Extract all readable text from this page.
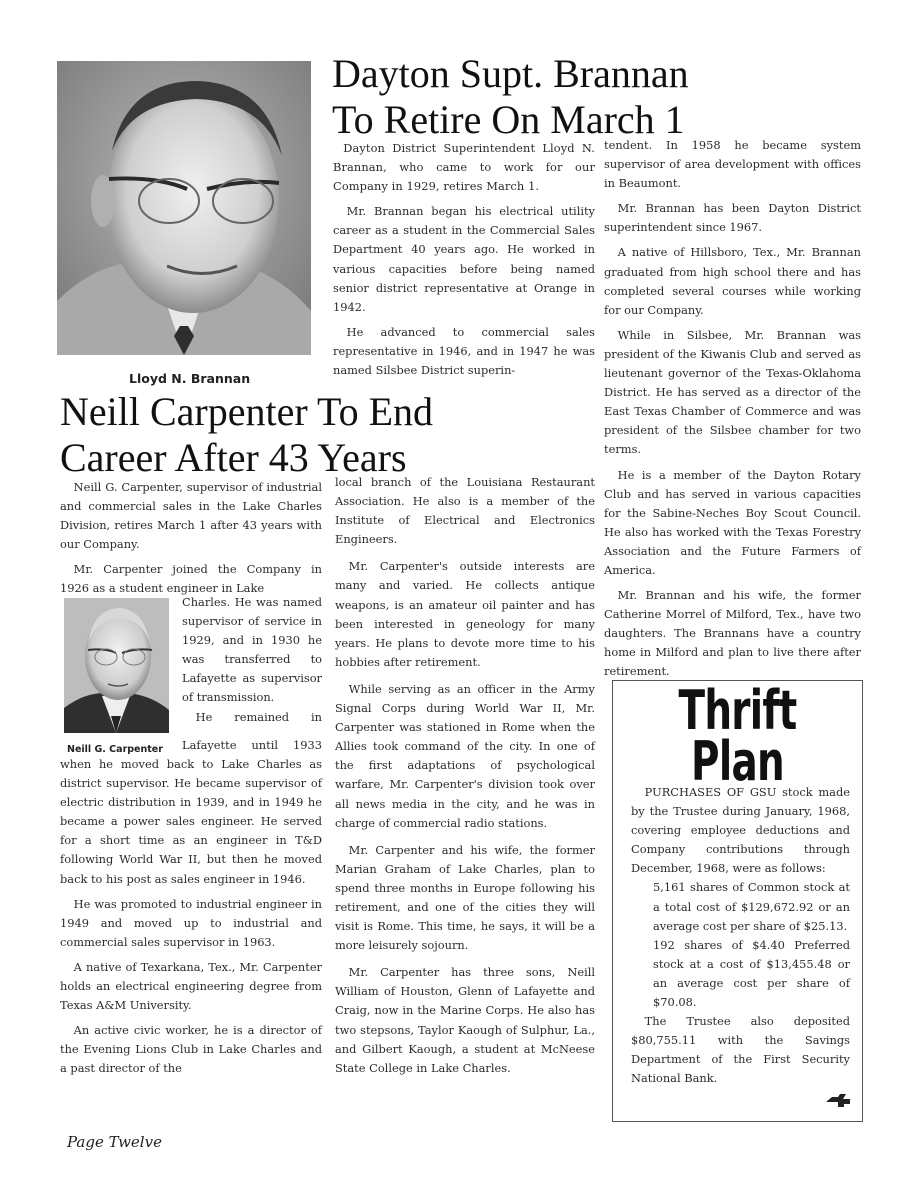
Lloyd N. Brannan
Dayton Supt. Brannan
To Retire On March 1

Dayton District Superintendent Lloyd N. Brannan, who came to work for our Company in 1929, retires March 1.

Mr. Brannan began his electrical utility career as a student in the Commercial Sales Department 40 years ago. He worked in various capacities before being named senior district representative at Orange in 1942.

He advanced to commercial sales representative in 1946, and in 1947 he was named Silsbee District superin-

tendent. In 1958 he became system supervisor of area development with offices in Beaumont.

Mr. Brannan has been Dayton District superintendent since 1967.

A native of Hillsboro, Tex., Mr. Brannan graduated from high school there and has completed several courses while working for our Company.

While in Silsbee, Mr. Brannan was president of the Kiwanis Club and served as lieutenant governor of the Texas-Oklahoma District. He has served as a director of the East Texas Chamber of Commerce and was president of the Silsbee chamber for two terms.

He is a member of the Dayton Rotary Club and has served in various capacities for the Sabine-Neches Boy Scout Council. He also has worked with the Texas Forestry Association and the Future Farmers of America.

Mr. Brannan and his wife, the former Catherine Morrel of Milford, Tex., have two daughters. The Brannans have a country home in Milford and plan to live there after retirement.

Neill Carpenter To End
Career After 43 Years

Neill G. Carpenter, supervisor of industrial and commercial sales in the Lake Charles Division, retires March 1 after 43 years with our Company.

Mr. Carpenter joined the Company in 1926 as a student engineer in Lake

Charles. He was named supervisor of service in 1929, and in 1930 he was transferred to Lafayette as supervisor of transmission.

He remained in

Neill G. Carpenter Lafayette until 1933

when he moved back to Lake Charles as district supervisor. He became supervisor of electric distribution in 1939, and in 1949 he became a power sales engineer. He served for a short time as an engineer in T&D following World War II, but then he moved back to his post as sales engineer in 1946.

He was promoted to industrial engineer in 1949 and moved up to industrial and commercial sales supervisor in 1963.

A native of Texarkana, Tex., Mr. Carpenter holds an electrical engineering degree from Texas A&M University.

An active civic worker, he is a director of the Evening Lions Club in Lake Charles and a past director of the

local branch of the Louisiana Restaurant Association. He also is a member of the Institute of Electrical and Electronics Engineers.

Mr. Carpenter's outside interests are many and varied. He collects antique weapons, is an amateur oil painter and has been interested in geneology for many years. He plans to devote more time to his hobbies after retirement.

While serving as an officer in the Army Signal Corps during World War II, Mr. Carpenter was stationed in Rome when the Allies took command of the city. In one of the first adaptations of psychological warfare, Mr. Carpenter's division took over all news media in the city, and he was in charge of commercial radio stations.

Mr. Carpenter and his wife, the former Marian Graham of Lake Charles, plan to spend three months in Europe following his retirement, and one of the cities they will visit is Rome. This time, he says, it will be a more leisurely sojourn.

Mr. Carpenter has three sons, Neill William of Houston, Glenn of Lafayette and Craig, now in the Marine Corps. He also has two stepsons, Taylor Kaough of Sulphur, La., and Gilbert Kaough, a student at McNeese State College in Lake Charles.

Thrift
Plan

PURCHASES OF GSU stock made by the Trustee during January, 1968, covering employee deductions and Company contributions through December, 1968, were as follows:

5,161 shares of Common stock at a total cost of $129,672.92 or an average cost per share of $25.13.

192 shares of $4.40 Preferred stock at a cost of $13,455.48 or an average cost per share of $70.08.

The Trustee also deposited $80,755.11 with the Savings Department of the First Security National Bank.

Page Twelve
